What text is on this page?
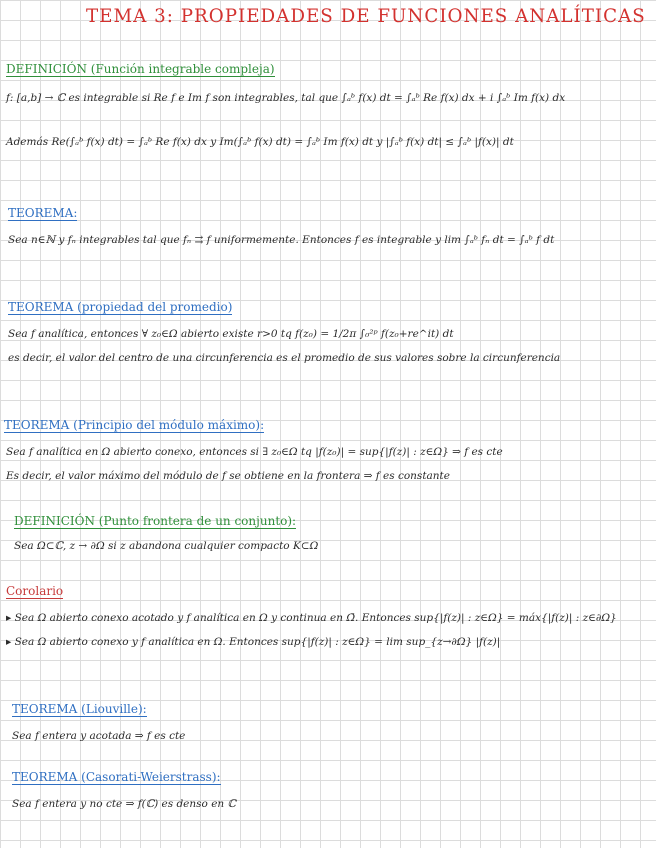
TEMA 3: PROPIEDADES DE FUNCIONES ANALÍTICAS
DEFINICIÓN (Función integrable compleja)
f: [a,b] → ℂ es integrable si Re f e Im f son integrables, tal que ∫ₐᵇ f(x) dt = ∫ₐᵇ Re f(x) dx + i ∫ₐᵇ Im f(x) dx
Además Re(∫ₐᵇ f(x) dt) = ∫ₐᵇ Re f(x) dx y Im(∫ₐᵇ f(x) dt) = ∫ₐᵇ Im f(x) dt y |∫ₐᵇ f(x) dt| ≤ ∫ₐᵇ |f(x)| dt
TEOREMA:
Sea n∈ℕ y fₙ integrables tal que fₙ ⇉ f uniformemente. Entonces f es integrable y lim ∫ₐᵇ fₙ dt = ∫ₐᵇ f dt
TEOREMA (propiedad del promedio)
Sea f analítica, entonces ∀ z₀∈Ω abierto existe r>0 tq f(z₀) = 1/2π ∫₀²ᵖ f(z₀+re^it) dt
es decir, el valor del centro de una circunferencia es el promedio de sus valores sobre la circunferencia
TEOREMA (Principio del módulo máximo):
Sea f analítica en Ω abierto conexo, entonces si ∃ z₀∈Ω tq |f(z₀)| = sup{|f(z)| : z∈Ω} ⇒ f es cte
Es decir, el valor máximo del módulo de f se obtiene en la frontera ⇒ f es constante
DEFINICIÓN (Punto frontera de un conjunto):
Sea Ω⊂ℂ, z → ∂Ω si z abandona cualquier compacto K⊂Ω
Corolario
▸ Sea Ω abierto conexo acotado y f analítica en Ω y continua en Ω̄. Entonces sup{|f(z)| : z∈Ω} = máx{|f(z)| : z∈∂Ω}
▸ Sea Ω abierto conexo y f analítica en Ω. Entonces sup{|f(z)| : z∈Ω} = lim sup_{z→∂Ω} |f(z)|
TEOREMA (Liouville):
Sea f entera y acotada ⇒ f es cte
TEOREMA (Casorati-Weierstrass):
Sea f entera y no cte ⇒ f(ℂ) es denso en ℂ
